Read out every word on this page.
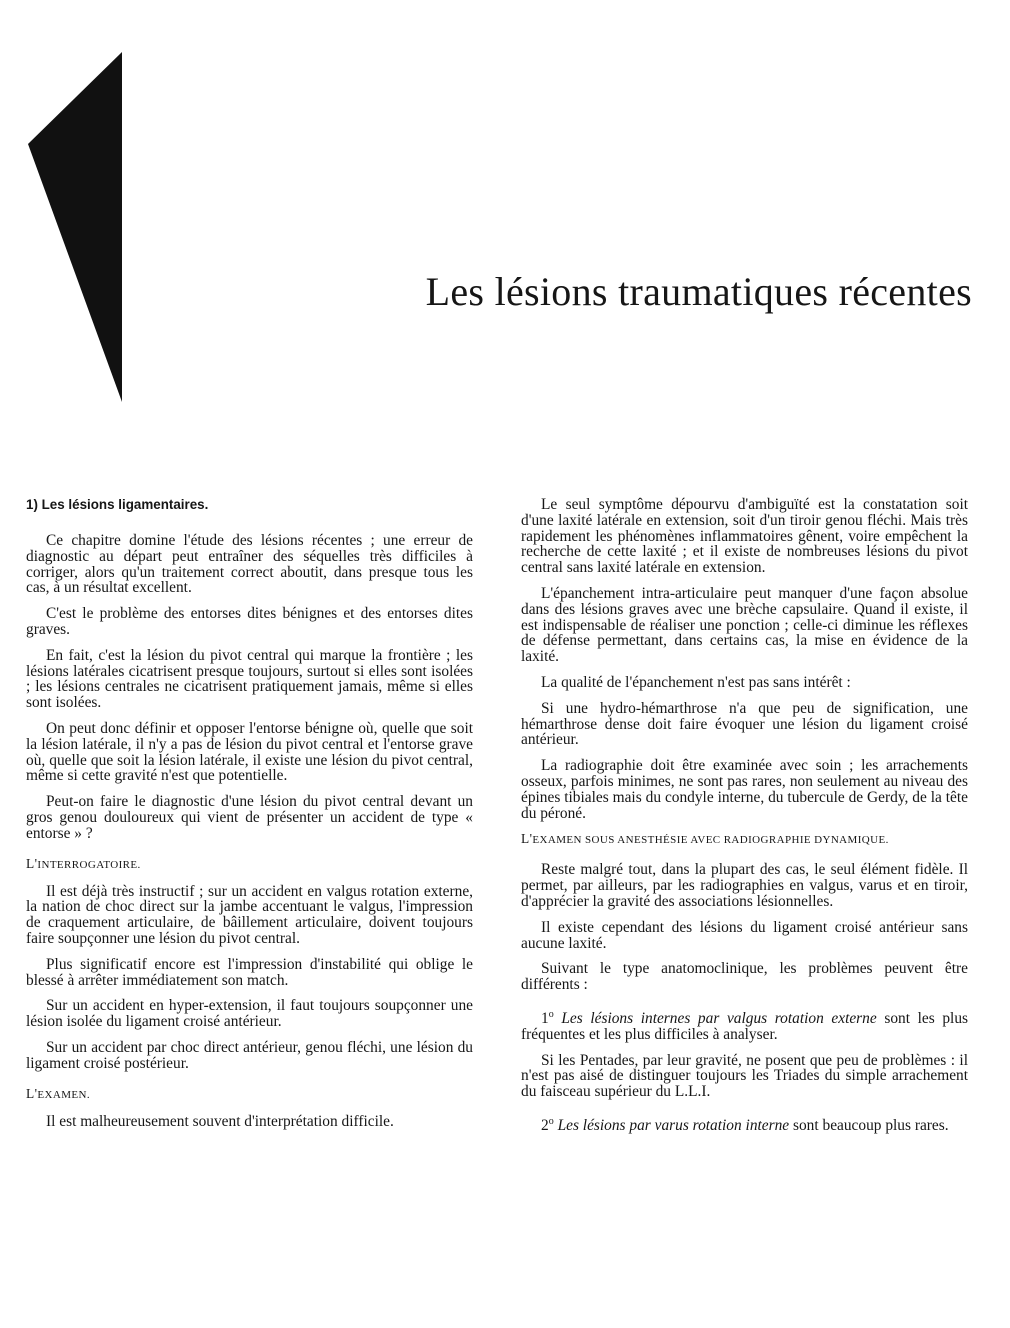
Les lésions traumatiques récentes

1) Les lésions ligamentaires.

Ce chapitre domine l'étude des lésions récentes ; une erreur de diagnostic au départ peut entraîner des séquelles très difficiles à corriger, alors qu'un traitement correct aboutit, dans presque tous les cas, à un résultat excellent.

C'est le problème des entorses dites bénignes et des entorses dites graves.

En fait, c'est la lésion du pivot central qui marque la frontière ; les lésions latérales cicatrisent presque toujours, surtout si elles sont isolées ; les lésions centrales ne cicatrisent pratiquement jamais, même si elles sont isolées.

On peut donc définir et opposer l'entorse bénigne où, quelle que soit la lésion latérale, il n'y a pas de lésion du pivot central et l'entorse grave où, quelle que soit la lésion latérale, il existe une lésion du pivot central, même si cette gravité n'est que potentielle.

Peut-on faire le diagnostic d'une lésion du pivot central devant un gros genou douloureux qui vient de présenter un accident de type « entorse » ?

L'INTERROGATOIRE.

Il est déjà très instructif ; sur un accident en valgus rotation externe, la nation de choc direct sur la jambe accentuant le valgus, l'impression de craquement articulaire, de bâillement articulaire, doivent toujours faire soupçonner une lésion du pivot central.

Plus significatif encore est l'impression d'instabilité qui oblige le blessé à arrêter immédiatement son match.

Sur un accident en hyper-extension, il faut toujours soupçonner une lésion isolée du ligament croisé antérieur.

Sur un accident par choc direct antérieur, genou fléchi, une lésion du ligament croisé postérieur.

L'EXAMEN.

Il est malheureusement souvent d'interprétation difficile.

Le seul symptôme dépourvu d'ambiguïté est la constatation soit d'une laxité latérale en extension, soit d'un tiroir genou fléchi. Mais très rapidement les phénomènes inflammatoires gênent, voire empêchent la recherche de cette laxité ; et il existe de nombreuses lésions du pivot central sans laxité latérale en extension.

L'épanchement intra-articulaire peut manquer d'une façon absolue dans des lésions graves avec une brèche capsulaire. Quand il existe, il est indispensable de réaliser une ponction ; celle-ci diminue les réflexes de défense permettant, dans certains cas, la mise en évidence de la laxité.

La qualité de l'épanchement n'est pas sans intérêt :

Si une hydro-hémarthrose n'a que peu de signification, une hémarthrose dense doit faire évoquer une lésion du ligament croisé antérieur.

La radiographie doit être examinée avec soin ; les arrachements osseux, parfois minimes, ne sont pas rares, non seulement au niveau des épines tibiales mais du condyle interne, du tubercule de Gerdy, de la tête du péroné.

L'EXAMEN SOUS ANESTHÉSIE AVEC RADIOGRAPHIE DYNAMIQUE.

Reste malgré tout, dans la plupart des cas, le seul élément fidèle. Il permet, par ailleurs, par les radiographies en valgus, varus et en tiroir, d'apprécier la gravité des associations lésionnelles.

Il existe cependant des lésions du ligament croisé antérieur sans aucune laxité.

Suivant le type anatomoclinique, les problèmes peuvent être différents :

1$^o$ Les lésions internes par valgus rotation externe sont les plus fréquentes et les plus difficiles à analyser.

Si les Pentades, par leur gravité, ne posent que peu de problèmes : il n'est pas aisé de distinguer toujours les Triades du simple arrachement du faisceau supérieur du L.L.I.

2$^o$ Les lésions par varus rotation interne sont beaucoup plus rares.
